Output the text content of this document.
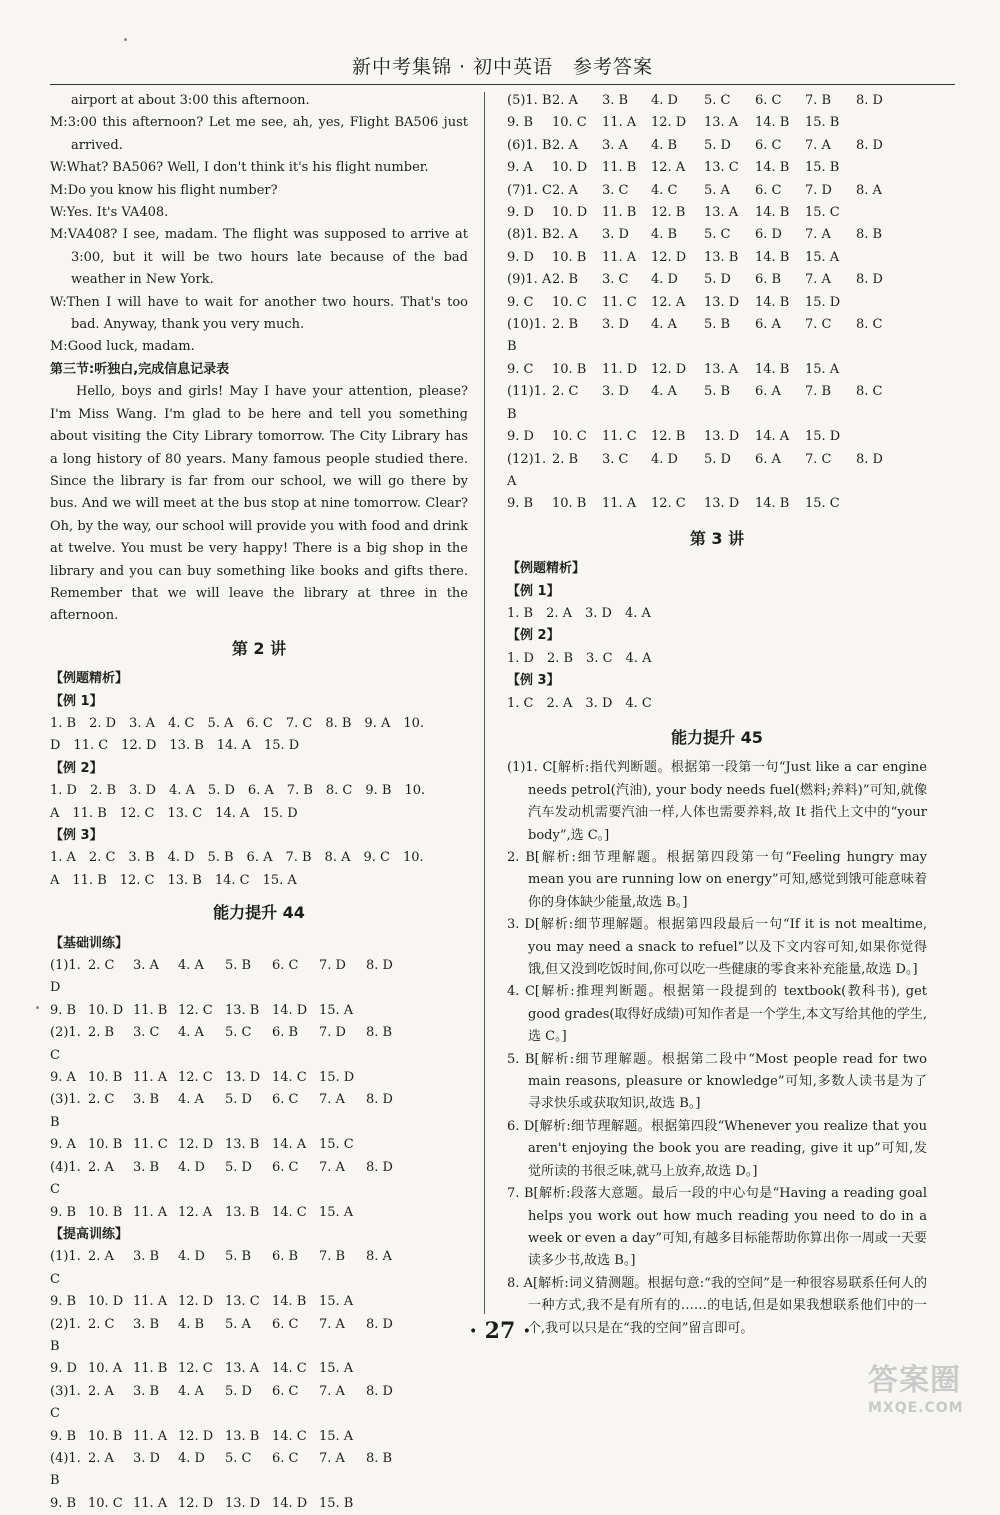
新中考集锦 · 初中英语　参考答案
airport at about 3:00 this afternoon.
M:3:00 this afternoon? Let me see, ah, yes, Flight BA506 just arrived.
W:What? BA506? Well, I don't think it's his flight number.
M:Do you know his flight number?
W:Yes. It's VA408.
M:VA408? I see, madam. The flight was supposed to arrive at 3:00, but it will be two hours late because of the bad weather in New York.
W:Then I will have to wait for another two hours. That's too bad. Anyway, thank you very much.
M:Good luck, madam.
第三节:听独白,完成信息记录表
Hello, boys and girls! May I have your attention, please? I'm Miss Wang. I'm glad to be here and tell you something about visiting the City Library tomorrow. The City Library has a long history of 80 years. Many famous people studied there. Since the library is far from our school, we will go there by bus. And we will meet at the bus stop at nine tomorrow. Clear? Oh, by the way, our school will provide you with food and drink at twelve. You must be very happy! There is a big shop in the library and you can buy something like books and gifts there. Remember that we will leave the library at three in the afternoon.
第 2 讲
【例题精析】
【例 1】
1. B　2. D　3. A　4. C　5. A　6. C　7. C　8. B　9. A　10.
D　11. C　12. D　13. B　14. A　15. D
【例 2】
1. D　2. B　3. D　4. A　5. D　6. A　7. B　8. C　9. B　10.
A　11. B　12. C　13. C　14. A　15. D
【例 3】
1. A　2. C　3. B　4. D　5. B　6. A　7. B　8. A　9. C　10.
A　11. B　12. C　13. B　14. C　15. A
能力提升 44
【基础训练】
(1)1. D
2. C	3. A	4. A	5. B	6. C	7. D	8. D
9. B 10. D 11. B 12. C 13. B 14. D 15. A
(2)1. C
2. B	3. C	4. A	5. C	6. B	7. D	8. B
9. A 10. B 11. A 12. C 13. D 14. C 15. D
(3)1. B
2. C	3. B	4. A	5. D	6. C	7. A	8. D
9. A 10. B 11. C 12. D 13. B 14. A 15. C
(4)1. C
2. A	3. B	4. D	5. D	6. C	7. A	8. D
9. B 10. B 11. A 12. A 13. B 14. C 15. A
【提高训练】
(1)1. C
2. A	3. B	4. D	5. B	6. B	7. B	8. A
9. B 10. D 11. A 12. D 13. C 14. B 15. A
(2)1. B
2. C	3. B	4. B	5. A	6. C	7. A	8. D
9. D 10. A 11. B 12. C 13. A 14. C 15. A
(3)1. C
2. A	3. B	4. A	5. D	6. C	7. A	8. D
9. B 10. B 11. A 12. D 13. B 14. C 15. A
(4)1. B
2. A	3. D	4. D	5. C	6. C	7. A	8. B
9. B 10. C 11. A 12. D 13. D 14. D 15. B
(5)1. B 2. A	3. B	4. D	5. C	6. C	7. B	8. D
9. B	10. C	11. A	12. D	13. A	14. B	15. B
(6)1. B 2. A	3. A	4. B	5. D	6. C	7. A	8. D
9. A	10. D	11. B	12. A	13. C	14. B	15. B
(7)1. C 2. A	3. C	4. C	5. A	6. C	7. D	8. A
9. D	10. D	11. B	12. B	13. A	14. B	15. C
(8)1. B 2. A	3. D	4. B	5. C	6. D	7. A	8. B
9. D	10. B	11. A	12. D	13. B	14. B	15. A
(9)1. A 2. B	3. C	4. D	5. D	6. B	7. A	8. D
9. C	10. C	11. C	12. A	13. D	14. B	15. D
(10)1. B
2. B	3. D	4. A	5. B	6. A	7. C	8. C
9. C	10. B	11. D	12. D	13. A	14. B	15. A
(11)1. B
2. C	3. D	4. A	5. B	6. A	7. B	8. C
9. D	10. C	11. C	12. B	13. D	14. A	15. D
(12)1. A
2. B	3. C	4. D	5. D	6. A	7. C	8. D
9. B	10. B	11. A	12. C	13. D	14. B	15. C
第 3 讲
【例题精析】
【例 1】
1. B　2. A　3. D　4. A
【例 2】
1. D　2. B　3. C　4. A
【例 3】
1. C　2. A　3. D　4. C
能力提升 45
(1)1. C[解析:指代判断题。根据第一段第一句“Just like a car engine needs petrol(汽油), your body needs fuel(燃料;养料)”可知,就像汽车发动机需要汽油一样,人体也需要养料,故 It 指代上文中的“your body”,选 C。]
2. B[解析:细节理解题。根据第四段第一句“Feeling hungry may mean you are running low on energy”可知,感觉到饿可能意味着你的身体缺少能量,故选 B。]
3. D[解析:细节理解题。根据第四段最后一句“If it is not mealtime, you may need a snack to refuel”以及下文内容可知,如果你觉得饿,但又没到吃饭时间,你可以吃一些健康的零食来补充能量,故选 D。]
4. C[解析:推理判断题。根据第一段提到的 textbook(教科书), get good grades(取得好成绩)可知作者是一个学生,本文写给其他的学生,选 C。]
5. B[解析:细节理解题。根据第二段中“Most people read for two main reasons, pleasure or knowledge”可知,多数人读书是为了寻求快乐或获取知识,故选 B。]
6. D[解析:细节理解题。根据第四段“Whenever you realize that you aren't enjoying the book you are reading, give it up”可知,发觉所读的书很乏味,就马上放弃,故选 D。]
7. B[解析:段落大意题。最后一段的中心句是“Having a reading goal helps you work out how much reading you need to do in a week or even a day”可知,有越多目标能帮助你算出你一周或一天要读多少书,故选 B。]
8. A[解析:词义猜测题。根据句意:“我的空间”是一种很容易联系任何人的一种方式,我不是有所有的……的电话,但是如果我想联系他们中的一个,我可以只是在“我的空间”留言即可。
· 27 ·
答案圈
MXQE.COM
